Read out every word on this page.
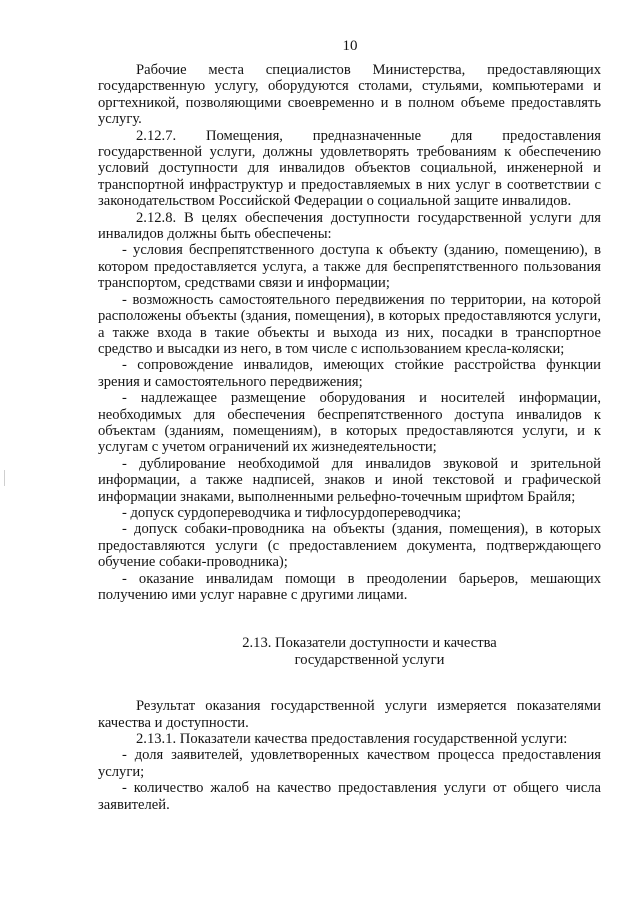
10

Рабочие места специалистов Министерства, предоставляющих государственную услугу, оборудуются столами, стульями, компьютерами и оргтехникой, позволяющими своевременно и в полном объеме предоставлять услугу.

2.12.7. Помещения, предназначенные для предоставления государственной услуги, должны удовлетворять требованиям к обеспечению условий доступности для инвалидов объектов социальной, инженерной и транспортной инфраструктур и предоставляемых в них услуг в соответствии с законодательством Российской Федерации о социальной защите инвалидов.

2.12.8. В целях обеспечения доступности государственной услуги для инвалидов должны быть обеспечены:

- условия беспрепятственного доступа к объекту (зданию, помещению), в котором предоставляется услуга, а также для беспрепятственного пользования транспортом, средствами связи и информации;

- возможность самостоятельного передвижения по территории, на которой расположены объекты (здания, помещения), в которых предоставляются услуги, а также входа в такие объекты и выхода из них, посадки в транспортное средство и высадки из него, в том числе с использованием кресла-коляски;

- сопровождение инвалидов, имеющих стойкие расстройства функции зрения и самостоятельного передвижения;

- надлежащее размещение оборудования и носителей информации, необходимых для обеспечения беспрепятственного доступа инвалидов к объектам (зданиям, помещениям), в которых предоставляются услуги, и к услугам с учетом ограничений их жизнедеятельности;

- дублирование необходимой для инвалидов звуковой и зрительной информации, а также надписей, знаков и иной текстовой и графической информации знаками, выполненными рельефно-точечным шрифтом Брайля;

- допуск сурдопереводчика и тифлосурдопереводчика;

- допуск собаки-проводника на объекты (здания, помещения), в которых предоставляются услуги (с предоставлением документа, подтверждающего обучение собаки-проводника);

- оказание инвалидам помощи в преодолении барьеров, мешающих получению ими услуг наравне с другими лицами.

2.13. Показатели доступности и качества
государственной услуги

Результат оказания государственной услуги измеряется показателями качества и доступности.

2.13.1. Показатели качества предоставления государственной услуги:

- доля заявителей, удовлетворенных качеством процесса предоставления услуги;

- количество жалоб на качество предоставления услуги от общего числа заявителей.
